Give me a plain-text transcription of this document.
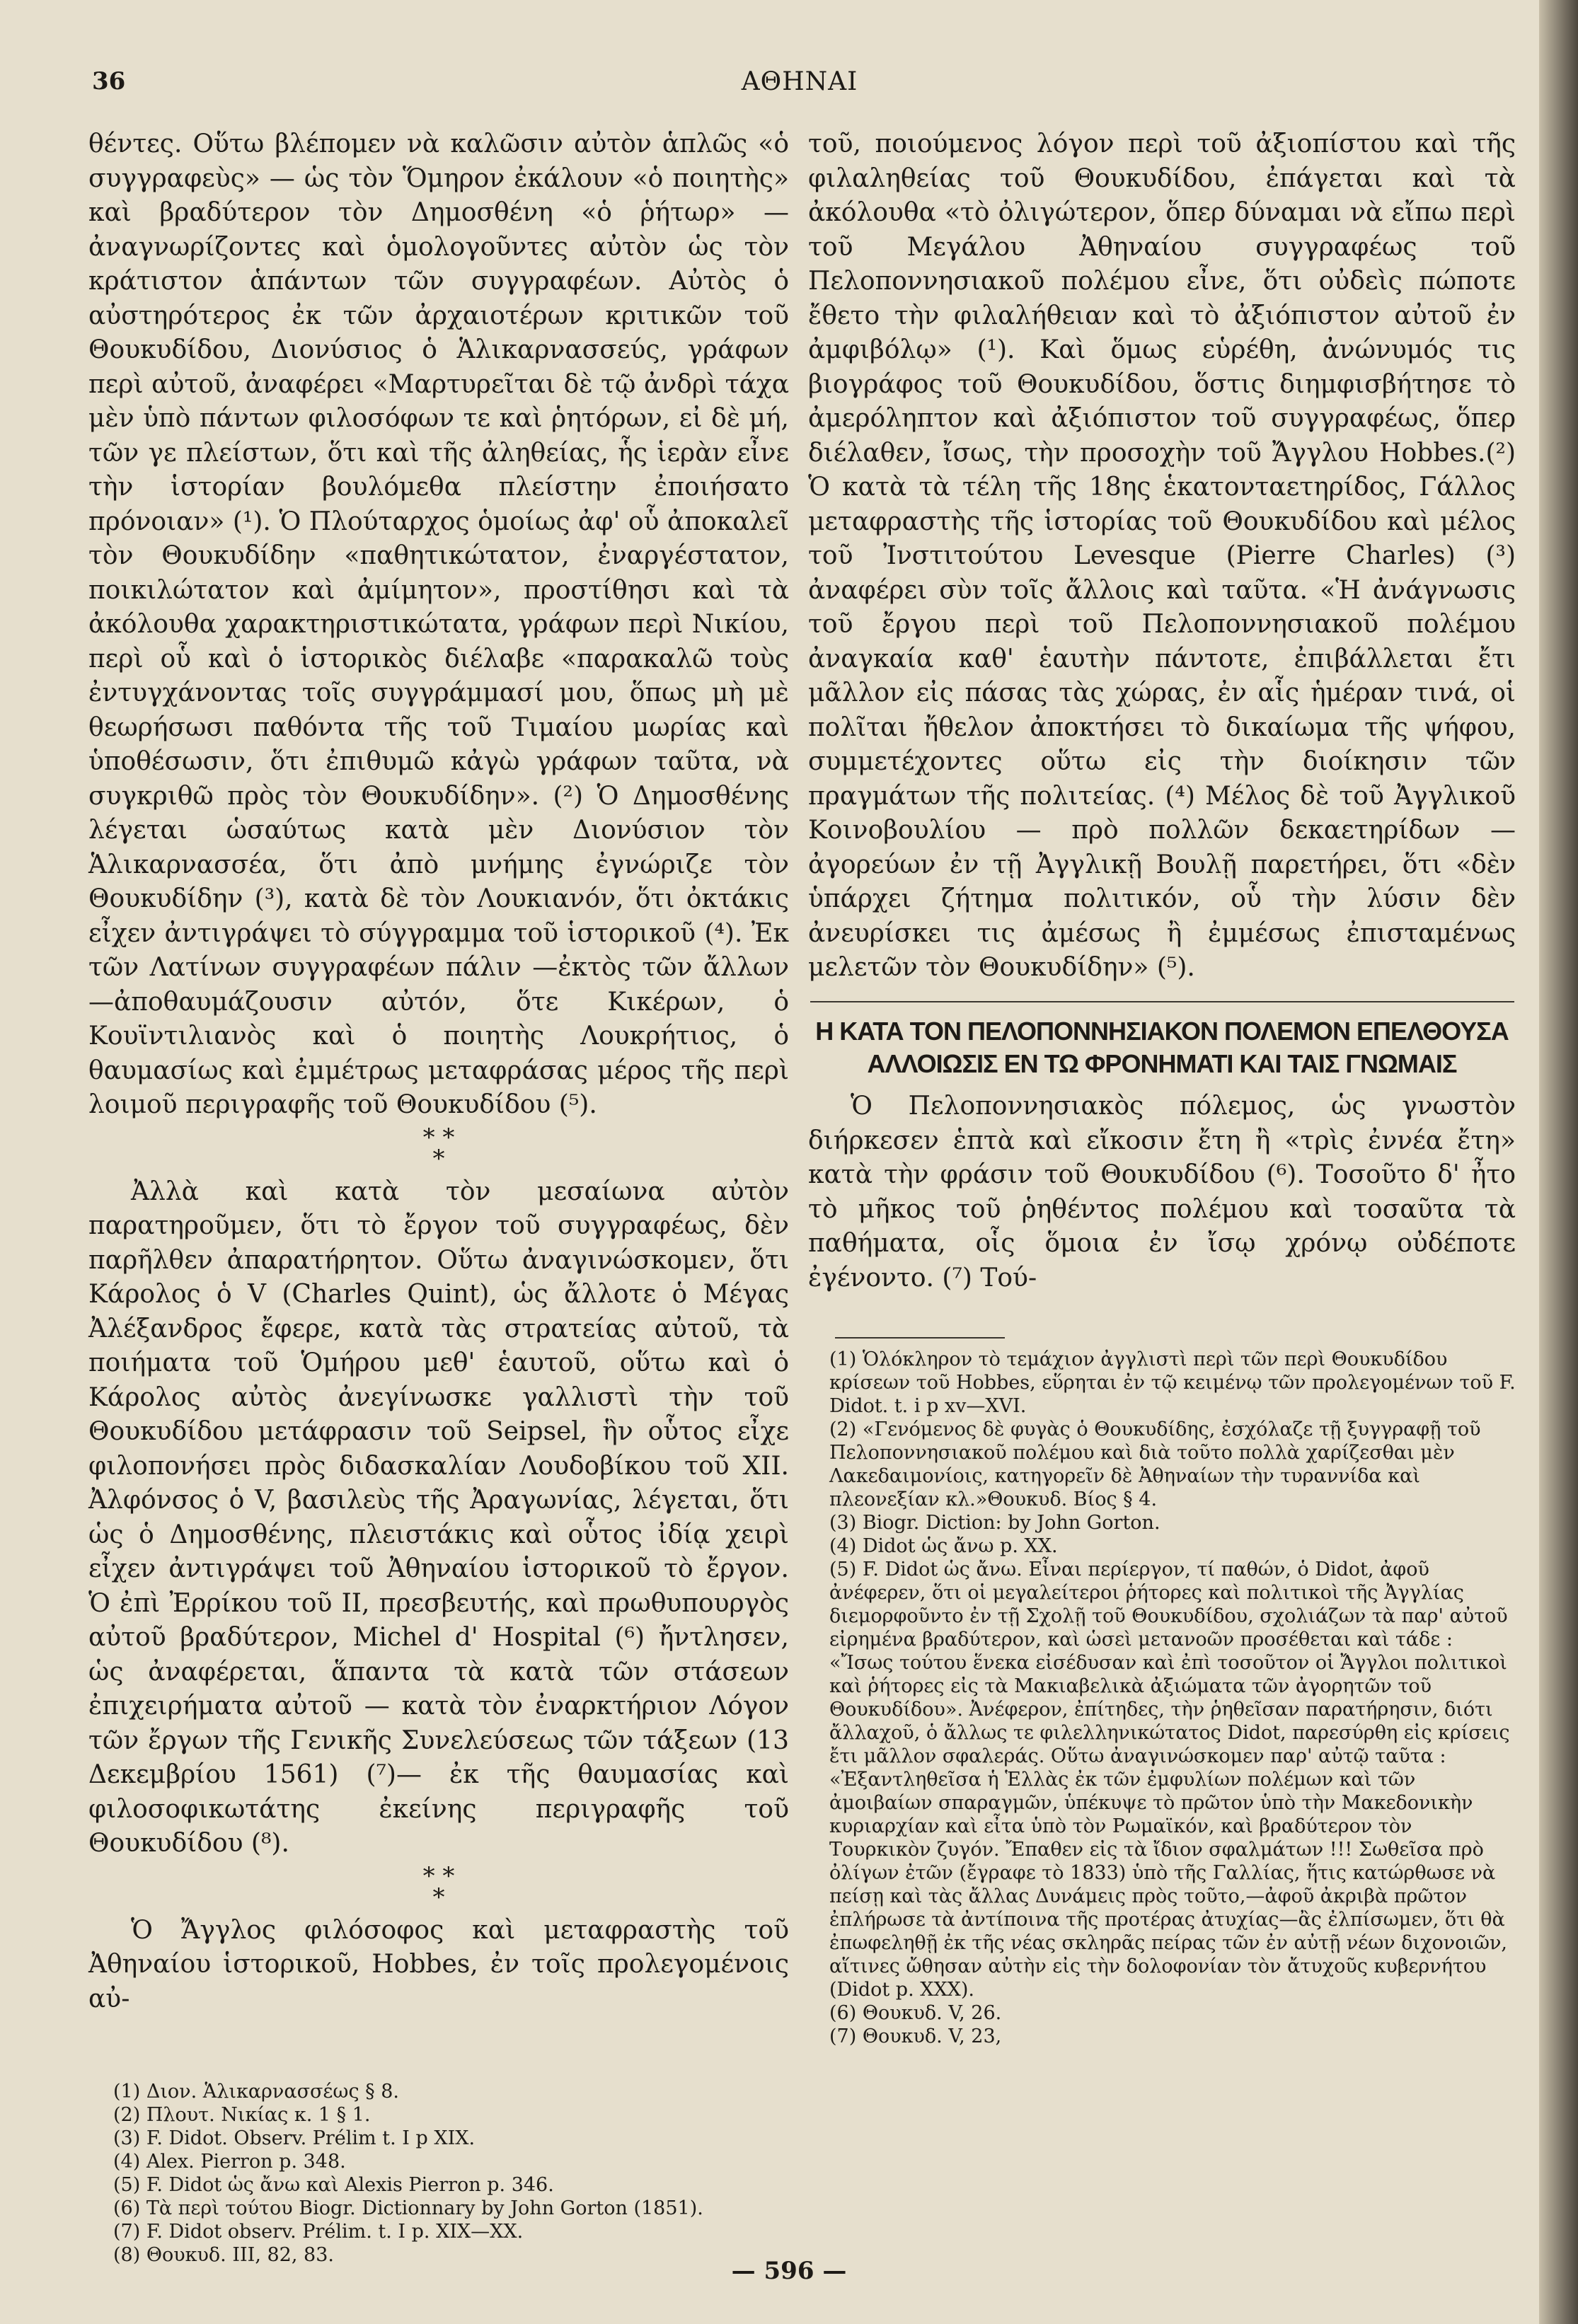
36	ΑΘΗΝΑΙ

θέντες. Οὕτω βλέπομεν νὰ καλῶσιν αὐτὸν ἁπλῶς «ὁ συγγραφεὺς» — ὡς τὸν Ὅμηρον ἐκάλουν «ὁ ποιητὴς» καὶ βραδύτερον τὸν Δημοσθένη «ὁ ῥήτωρ» — ἀναγνωρίζοντες καὶ ὁμολογοῦντες αὐτὸν ὡς τὸν κράτιστον ἁπάντων τῶν συγγραφέων. Αὐτὸς ὁ αὐστηρότερος ἐκ τῶν ἀρχαιοτέρων κριτικῶν τοῦ Θουκυδίδου, Διονύσιος ὁ Ἁλικαρνασσεύς, γράφων περὶ αὐτοῦ, ἀναφέρει «Μαρτυρεῖται δὲ τῷ ἀνδρὶ τάχα μὲν ὑπὸ πάντων φιλοσόφων τε καὶ ῥητόρων, εἰ δὲ μή, τῶν γε πλείστων, ὅτι καὶ τῆς ἀληθείας, ἧς ἱερὰν εἶνε τὴν ἱστορίαν βουλόμεθα πλείστην ἐποιήσατο πρόνοιαν» (¹). Ὁ Πλούταρχος ὁμοίως ἀφ' οὗ ἀποκαλεῖ τὸν Θουκυδίδην «παθητικώτατον, ἐναργέστατον, ποικιλώτατον καὶ ἀμίμητον», προστίθησι καὶ τὰ ἀκόλουθα χαρακτηριστικώτατα, γράφων περὶ Νικίου, περὶ οὗ καὶ ὁ ἱστορικὸς διέλαβε «παρακαλῶ τοὺς ἐντυγχάνοντας τοῖς συγγράμμασί μου, ὅπως μὴ μὲ θεωρήσωσι παθόντα τῆς τοῦ Τιμαίου μωρίας καὶ ὑποθέσωσιν, ὅτι ἐπιθυμῶ κἀγὼ γράφων ταῦτα, νὰ συγκριθῶ πρὸς τὸν Θουκυδίδην». (²) Ὁ Δημοσθένης λέγεται ὡσαύτως κατὰ μὲν Διονύσιον τὸν Ἁλικαρνασσέα, ὅτι ἀπὸ μνήμης ἐγνώριζε τὸν Θουκυδίδην (³), κατὰ δὲ τὸν Λουκιανόν, ὅτι ὀκτάκις εἶχεν ἀντιγράψει τὸ σύγγραμμα τοῦ ἱστορικοῦ (⁴). Ἐκ τῶν Λατίνων συγγραφέων πάλιν —ἐκτὸς τῶν ἄλλων—ἀποθαυμάζουσιν αὐτόν, ὅτε Κικέρων, ὁ Κουϊντιλιανὸς καὶ ὁ ποιητὴς Λουκρήτιος, ὁ θαυμασίως καὶ ἐμμέτρως μεταφράσας μέρος τῆς περὶ λοιμοῦ περιγραφῆς τοῦ Θουκυδίδου (⁵).

* *
*

Ἀλλὰ καὶ κατὰ τὸν μεσαίωνα αὐτὸν παρατηροῦμεν, ὅτι τὸ ἔργον τοῦ συγγραφέως, δὲν παρῆλθεν ἀπαρατήρητον. Οὕτω ἀναγινώσκομεν, ὅτι Κάρολος ὁ V (Charles Quint), ὡς ἄλλοτε ὁ Μέγας Ἀλέξανδρος ἔφερε, κατὰ τὰς στρατείας αὐτοῦ, τὰ ποιήματα τοῦ Ὁμήρου μεθ' ἑαυτοῦ, οὕτω καὶ ὁ Κάρολος αὐτὸς ἀνεγίνωσκε γαλλιστὶ τὴν τοῦ Θουκυδίδου μετάφρασιν τοῦ Seipsel, ἣν οὗτος εἶχε φιλοπονήσει πρὸς διδασκαλίαν Λουδοβίκου τοῦ XII. Ἀλφόνσος ὁ V, βασιλεὺς τῆς Ἀραγωνίας, λέγεται, ὅτι ὡς ὁ Δημοσθένης, πλειστάκις καὶ οὗτος ἰδίᾳ χειρὶ εἶχεν ἀντιγράψει τοῦ Ἀθηναίου ἱστορικοῦ τὸ ἔργον. Ὁ ἐπὶ Ἐρρίκου τοῦ II, πρεσβευτής, καὶ πρωθυπουργὸς αὐτοῦ βραδύτερον, Michel d' Hospital (⁶) ἤντλησεν, ὡς ἀναφέρεται, ἅπαντα τὰ κατὰ τῶν στάσεων ἐπιχειρήματα αὐτοῦ — κατὰ τὸν ἐναρκτήριον Λόγον τῶν ἔργων τῆς Γενικῆς Συνελεύσεως τῶν τάξεων (13 Δεκεμβρίου 1561) (⁷)— ἐκ τῆς θαυμασίας καὶ φιλοσοφικωτάτης ἐκείνης περιγραφῆς τοῦ Θουκυδίδου (⁸).

* *
*

Ὁ Ἄγγλος φιλόσοφος καὶ μεταφραστὴς τοῦ Ἀθηναίου ἱστορικοῦ, Hobbes, ἐν τοῖς προλεγομένοις αὐ-

(1) Διον. Ἁλικαρνασσέως § 8.
(2) Πλουτ. Νικίας κ. 1 § 1.
(3) F. Didot. Observ. Prélim t. I p XIX.
(4) Alex. Pierron p. 348.
(5) F. Didot ὡς ἄνω καὶ Alexis Pierron p. 346.
(6) Τὰ περὶ τούτου Biogr. Dictionnary by John Gorton (1851).
(7) F. Didot observ. Prélim. t. I p. XIX—XX.
(8) Θουκυδ. III, 82, 83.

τοῦ, ποιούμενος λόγον περὶ τοῦ ἀξιοπίστου καὶ τῆς φιλαληθείας τοῦ Θουκυδίδου, ἐπάγεται καὶ τὰ ἀκόλουθα «τὸ ὀλιγώτερον, ὅπερ δύναμαι νὰ εἴπω περὶ τοῦ Μεγάλου Ἀθηναίου συγγραφέως τοῦ Πελοποννησιακοῦ πολέμου εἶνε, ὅτι οὐδεὶς πώποτε ἔθετο τὴν φιλαλήθειαν καὶ τὸ ἀξιόπιστον αὐτοῦ ἐν ἀμφιβόλῳ» (¹). Καὶ ὅμως εὑρέθη, ἀνώνυμός τις βιογράφος τοῦ Θουκυδίδου, ὅστις διημφισβήτησε τὸ ἀμερόληπτον καὶ ἀξιόπιστον τοῦ συγγραφέως, ὅπερ διέλαθεν, ἴσως, τὴν προσοχὴν τοῦ Ἄγγλου Hobbes.(²) Ὁ κατὰ τὰ τέλη τῆς 18ης ἑκατονταετηρίδος, Γάλλος μεταφραστὴς τῆς ἱστορίας τοῦ Θουκυδίδου καὶ μέλος τοῦ Ἰνστιτούτου Levesque (Pierre Charles) (³) ἀναφέρει σὺν τοῖς ἄλλοις καὶ ταῦτα. «Ἡ ἀνάγνωσις τοῦ ἔργου περὶ τοῦ Πελοποννησιακοῦ πολέμου ἀναγκαία καθ' ἑαυτὴν πάντοτε, ἐπιβάλλεται ἔτι μᾶλλον εἰς πάσας τὰς χώρας, ἐν αἷς ἡμέραν τινά, οἱ πολῖται ἤθελον ἀποκτήσει τὸ δικαίωμα τῆς ψήφου, συμμετέχοντες οὕτω εἰς τὴν διοίκησιν τῶν πραγμάτων τῆς πολιτείας. (⁴) Μέλος δὲ τοῦ Ἀγγλικοῦ Κοινοβουλίου — πρὸ πολλῶν δεκαετηρίδων — ἀγορεύων ἐν τῇ Ἀγγλικῇ Βουλῇ παρετήρει, ὅτι «δὲν ὑπάρχει ζήτημα πολιτικόν, οὗ τὴν λύσιν δὲν ἀνευρίσκει τις ἀμέσως ἢ ἐμμέσως ἐπισταμένως μελετῶν τὸν Θουκυδίδην» (⁵).

Η ΚΑΤΑ ΤΟΝ ΠΕΛΟΠΟΝΝΗΣΙΑΚΟΝ ΠΟΛΕΜΟΝ ΕΠΕΛΘΟΥΣΑ ΑΛΛΟΙΩΣΙΣ ΕΝ ΤΩ ΦΡΟΝΗΜΑΤΙ ΚΑΙ ΤΑΙΣ ΓΝΩΜΑΙΣ

Ὁ Πελοποννησιακὸς πόλεμος, ὡς γνωστὸν διήρκεσεν ἑπτὰ καὶ εἴκοσιν ἔτη ἢ «τρὶς ἐννέα ἔτη» κατὰ τὴν φράσιν τοῦ Θουκυδίδου (⁶). Τοσοῦτο δ' ἦτο τὸ μῆκος τοῦ ῥηθέντος πολέμου καὶ τοσαῦτα τὰ παθήματα, οἷς ὅμοια ἐν ἴσῳ χρόνῳ οὐδέποτε ἐγένοντο. (⁷) Τού-

(1) Ὁλόκληρον τὸ τεμάχιον ἀγγλιστὶ περὶ τῶν περὶ Θουκυδίδου κρίσεων τοῦ Hobbes, εὕρηται ἐν τῷ κειμένῳ τῶν προλεγομένων τοῦ F. Didot. t. i p xv—XVI.
(2) «Γενόμενος δὲ φυγὰς ὁ Θουκυδίδης, ἐσχόλαζε τῇ ξυγγραφῇ τοῦ Πελοποννησιακοῦ πολέμου καὶ διὰ τοῦτο πολλὰ χαρίζεσθαι μὲν Λακεδαιμονίοις, κατηγορεῖν δὲ Ἀθηναίων τὴν τυραννίδα καὶ πλεονεξίαν κλ.»Θουκυδ. Βίος § 4.
(3) Biogr. Diction: by John Gorton.
(4) Didot ὡς ἄνω p. XX.
(5) F. Didot ὡς ἄνω. Εἶναι περίεργον, τί παθών, ὁ Didot, ἀφοῦ ἀνέφερεν, ὅτι οἱ μεγαλείτεροι ῥήτορες καὶ πολιτικοὶ τῆς Ἀγγλίας διεμορφοῦντο ἐν τῇ Σχολῇ τοῦ Θουκυδίδου, σχολιάζων τὰ παρ' αὐτοῦ εἰρημένα βραδύτερον, καὶ ὡσεὶ μετανοῶν προσέθεται καὶ τάδε : «Ἴσως τούτου ἕνεκα εἰσέδυσαν καὶ ἐπὶ τοσοῦτον οἱ Ἄγγλοι πολιτικοὶ καὶ ῥήτορες εἰς τὰ Μακιαβελικὰ ἀξιώματα τῶν ἀγορητῶν τοῦ Θουκυδίδου». Ἀνέφερον, ἐπίτηδες, τὴν ῥηθεῖσαν παρατήρησιν, διότι ἄλλαχοῦ, ὁ ἄλλως τε φιλελληνικώτατος Didot, παρεσύρθη εἰς κρίσεις ἔτι μᾶλλον σφαλεράς. Οὕτω ἀναγινώσκομεν παρ' αὐτῷ ταῦτα : «Ἐξαντληθεῖσα ἡ Ἑλλὰς ἐκ τῶν ἐμφυλίων πολέμων καὶ τῶν ἀμοιβαίων σπαραγμῶν, ὑπέκυψε τὸ πρῶτον ὑπὸ τὴν Μακεδονικὴν κυριαρχίαν καὶ εἶτα ὑπὸ τὸν Ρωμαϊκόν, καὶ βραδύτερον τὸν Τουρκικὸν ζυγόν. Ἔπαθεν εἰς τὰ ἴδιον σφαλμάτων !!! Σωθεῖσα πρὸ ὀλίγων ἐτῶν (ἔγραφε τὸ 1833) ὑπὸ τῆς Γαλλίας, ἥτις κατώρθωσε νὰ πείσῃ καὶ τὰς ἄλλας Δυνάμεις πρὸς τοῦτο,—ἀφοῦ ἀκριβὰ πρῶτον ἐπλήρωσε τὰ ἀντίποινα τῆς προτέρας ἀτυχίας—ἂς ἐλπίσωμεν, ὅτι θὰ ἐπωφεληθῇ ἐκ τῆς νέας σκληρᾶς πείρας τῶν ἐν αὐτῇ νέων διχονοιῶν, αἵτινες ὤθησαν αὐτὴν εἰς τὴν δολοφονίαν τὸν ἄτυχοῦς κυβερνήτου (Didot p. XXX).
(6) Θουκυδ. V, 26.
(7) Θουκυδ. V, 23,
— 596 —
